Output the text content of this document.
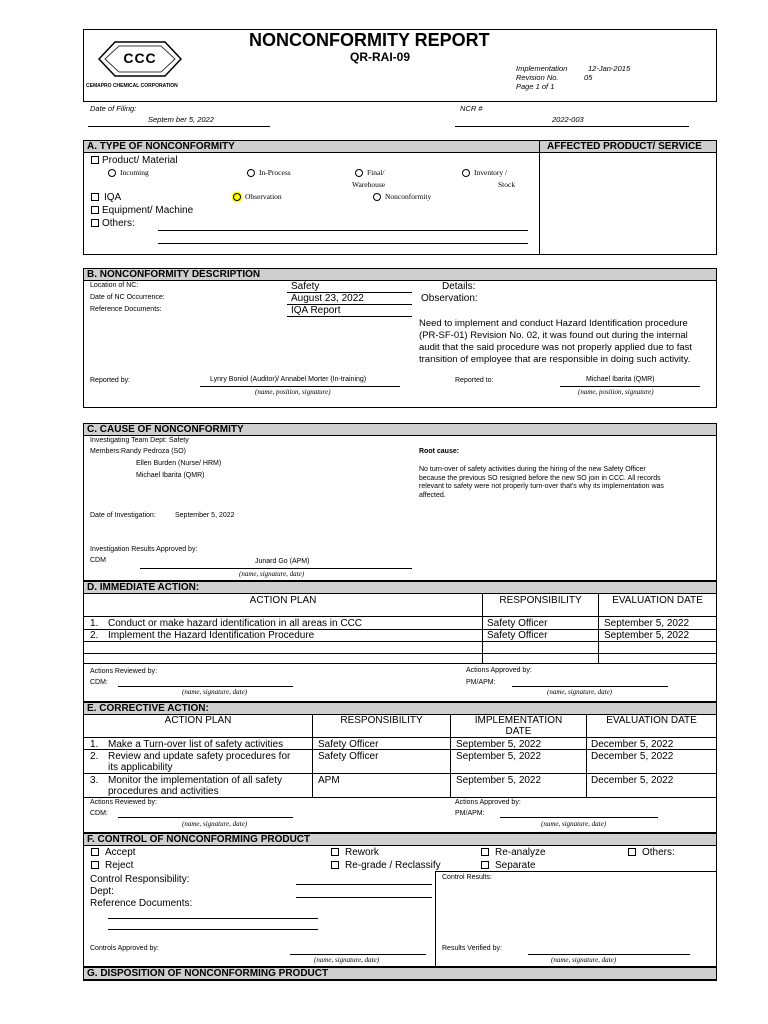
CCC
CEMAPRO CHEMICAL CORPORATION
NONCONFORMITY REPORT
QR-RAI-09
Implementation	12-Jan-2015
Revision No.	05
Page 1 of 1
Date of Filing:
Septem ber 5, 2022
NCR #
2022-003
A. TYPE OF NONCONFORMITY	AFFECTED PRODUCT/ SERVICE
Product/ Material
Incoming	In-Process	Final/
Warehouse
Inventory /
Stock
IQA	Observation	Nonconformity
Equipment/ Machine
Others:
B. NONCONFORMITY DESCRIPTION
Location of NC:	Safety
Date of NC Occurrence:	August 23, 2022
Reference Documents:	IQA Report
Details:
Observation:
Need to implement and conduct Hazard Identification procedure
(PR-SF-01) Revision No. 02, it was found out during the internal
audit that the said procedure was not properly applied due to fast
transition of employee that are responsible in doing such activity.
Reported by:	Lynry Boniol (Auditor)/ Annabel Morter (In-training)
(name, position, signature)
Reported to:	Michael Ibarita (QMR)
(name, position, signature)
C. CAUSE OF NONCONFORMITY
Investigating Team Dept: Safety
Members: Randy Pedroza (SO)
Ellen Burden (Nurse/ HRM)
Michael Ibarita (QMR)
Root cause:
No turn-over of safety activities during the hiring of the new Safety Officer
because the previous SO resigned before the new SO join in CCC. All records
relevant to safety were not properly turn-over that's why its implementation was
affected.
Date of Investigation:	September 5, 2022
Investigation Results Approved by:
CDM	Junard Go (APM)
(name, signature, date)
D. IMMEDIATE ACTION:
ACTION PLAN	RESPONSIBILITY	EVALUATION DATE
1. Conduct or make hazard identification in all areas in CCC	Safety Officer	September 5, 2022
2. Implement the Hazard Identification Procedure	Safety Officer	September 5, 2022
Actions Reviewed by:
CDM:
(name, signature, date)
Actions Approved by:
PM/APM:
(name, signature, date)
E. CORRECTIVE ACTION:
ACTION PLAN	RESPONSIBILITY	IMPLEMENTATION
DATE
EVALUATION DATE
1. Make a Turn-over list of safety activities	Safety Officer	September 5, 2022	December 5, 2022
2. Review and update safety procedures for
its applicability
Safety Officer	September 5, 2022	December 5, 2022
3. Monitor the implementation of all safety
procedures and activities
APM	September 5, 2022	December 5, 2022
Actions Reviewed by:
CDM:
(name, signature, date)
Actions Approved by:
PM/APM:
(name, signature, date)
F. CONTROL OF NONCONFORMING PRODUCT
Accept	Rework	Re-analyze	Others:
Reject	Re-grade / Reclassify	Separate
Control Responsibility:
Dept:
Reference Documents:
Control Results:
Controls Approved by:
(name, signature, date)
Results Verified by:
(name, signature, date)
G. DISPOSITION OF NONCONFORMING PRODUCT
